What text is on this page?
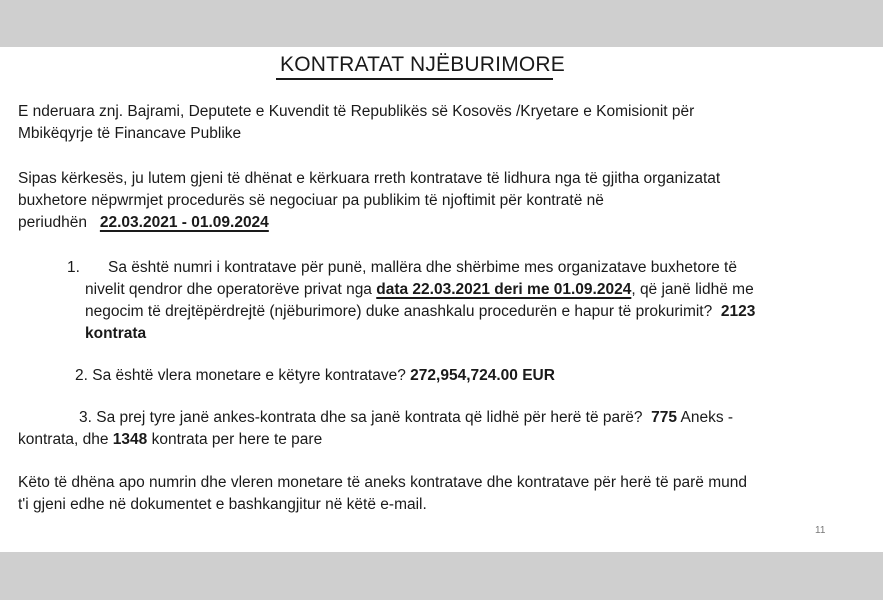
KONTRATAT NJËBURIMORE
E nderuara znj. Bajrami, Deputete e Kuvendit të Republikës së Kosovës /Kryetare e Komisionit për
Mbikëqyrje të Financave Publike
Sipas kërkesës, ju lutem gjeni të dhënat e kërkuara rreth kontratave të lidhura nga të gjitha organizatat
buxhetore nëpwrmjet procedurës së negociuar pa publikim të njoftimit për kontratë në
periudhën 22.03.2021 - 01.09.2024
1. Sa është numri i kontratave për punë, mallëra dhe shërbime mes organizatave buxhetore të
nivelit qendror dhe operatorëve privat nga data 22.03.2021 deri me 01.09.2024, që janë lidhë me
negocim të drejtëpërdrejtë (njëburimore) duke anashkalu procedurën e hapur të prokurimit? 2123
kontrata
2. Sa është vlera monetare e këtyre kontratave? 272,954,724.00 EUR
3. Sa prej tyre janë ankes-kontrata dhe sa janë kontrata që lidhë për herë të parë? 775 Aneks -
kontrata, dhe 1348 kontrata per here te pare
Këto të dhëna apo numrin dhe vleren monetare të aneks kontratave dhe kontratave për herë të parë mund
t'i gjeni edhe në dokumentet e bashkangjitur në këtë e-mail.
11
